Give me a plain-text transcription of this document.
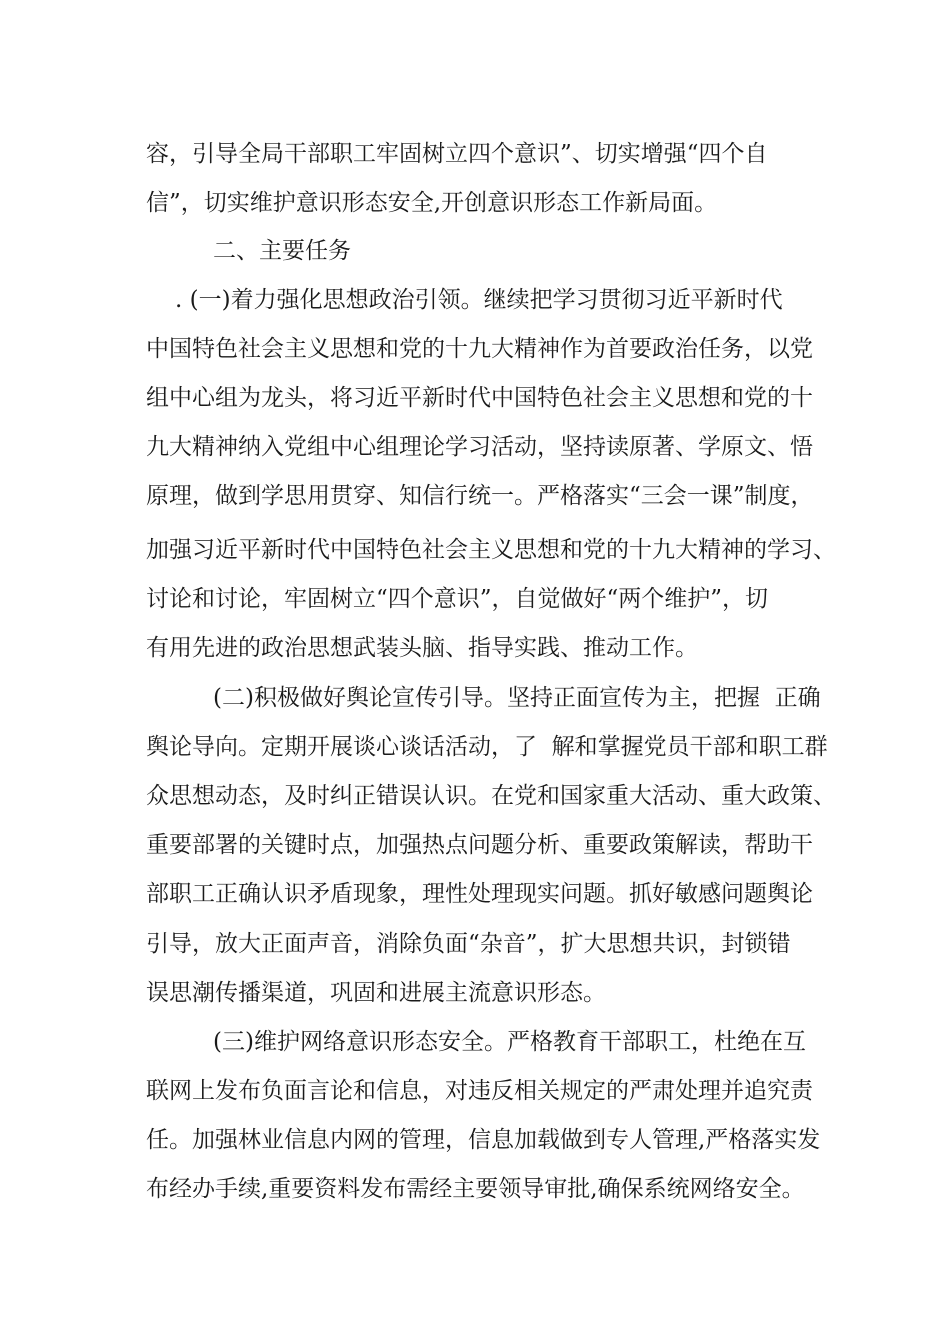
容，引导全局干部职工牢固树立四个意识”、切实增强“四个自
信”，切实维护意识形态安全,开创意识形态工作新局面。
二、主要任务
. (一)着力强化思想政治引领。继续把学习贯彻习近平新时代
中国特色社会主义思想和党的十九大精神作为首要政治任务，以党
组中心组为龙头，将习近平新时代中国特色社会主义思想和党的十
九大精神纳入党组中心组理论学习活动，坚持读原著、学原文、悟
原理，做到学思用贯穿、知信行统一。严格落实“三会一课”制度，
加强习近平新时代中国特色社会主义思想和党的十九大精神的学习、
讨论和讨论，牢固树立“四个意识”，自觉做好“两个维护”，切
有用先进的政治思想武装头脑、指导实践、推动工作。
(二)积极做好舆论宣传引导。坚持正面宣传为主，把握  正确
舆论导向。定期开展谈心谈话活动，了  解和掌握党员干部和职工群
众思想动态，及时纠正错误认识。在党和国家重大活动、重大政策、
重要部署的关键时点，加强热点问题分析、重要政策解读，帮助干
部职工正确认识矛盾现象，理性处理现实问题。抓好敏感问题舆论
引导，放大正面声音，消除负面“杂音”，扩大思想共识，封锁错
误思潮传播渠道，巩固和进展主流意识形态。
(三)维护网络意识形态安全。严格教育干部职工，杜绝在互
联网上发布负面言论和信息，对违反相关规定的严肃处理并追究责
任。加强林业信息内网的管理，信息加载做到专人管理,严格落实发
布经办手续,重要资料发布需经主要领导审批,确保系统网络安全。
